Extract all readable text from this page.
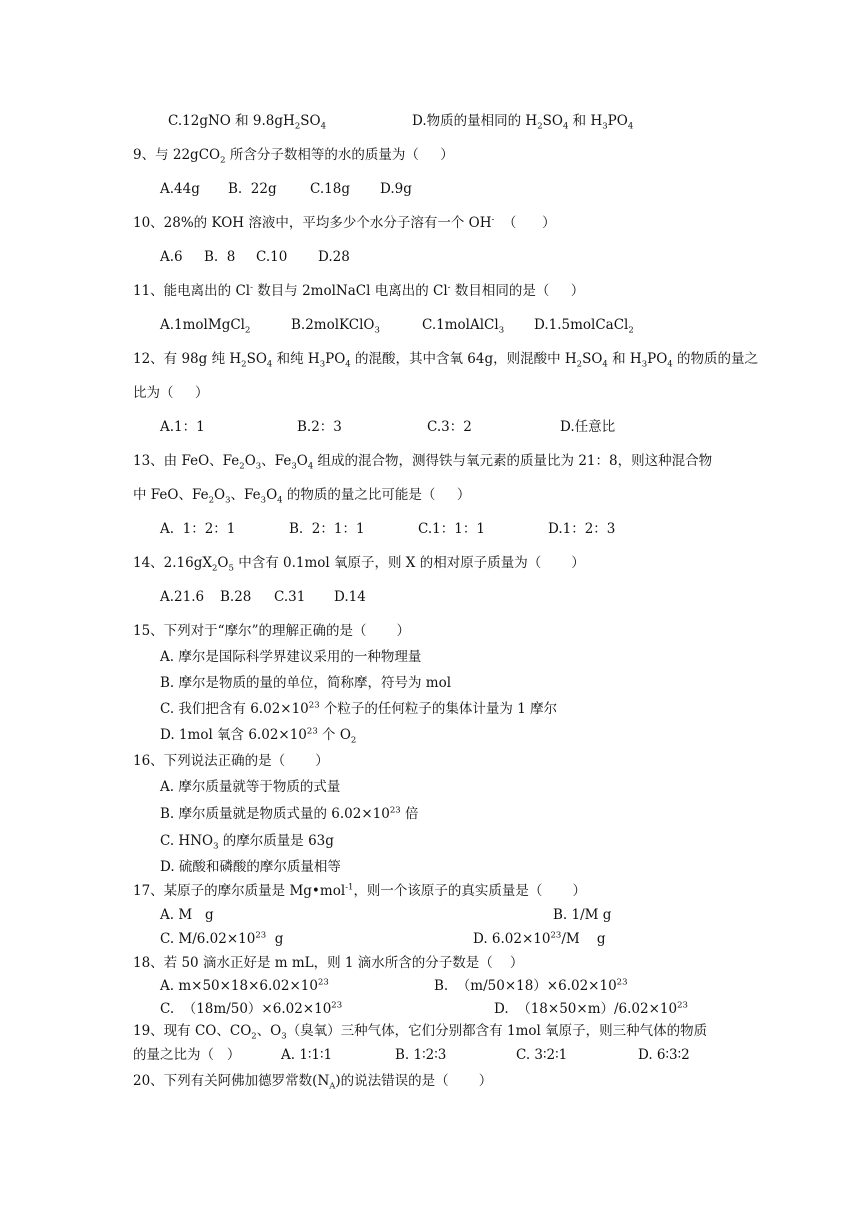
C.12gNO 和 $9.8gH_2SO_4$	D.物质的量相同的 $H_2SO_4$ 和 $H_3PO_4$
9、与 22gCO$_2$ 所含分子数相等的水的质量为（     ）
A.44g B.  22g C.18g D.9g
10、28%的 KOH 溶液中，平均多少个水分子溶有一个 OH-  （      ）
A.6 B.  8 C.10 D.28
11、能电离出的 Cl- 数目与 2molNaCl 电离出的 Cl- 数目相同的是（     ）
A.1molMgCl$_2$	B.2molKClO$_3$	C.1molAlCl$_3$ D.1.5molCaCl$_2$
12、有 98g 纯 $H_2SO_4$ 和纯 $H_3PO_4$ 的混酸，其中含氧 64g，则混酸中 $H_2SO_4$ 和 $H_3PO_4$ 的物质的量之
比为（     ）
A.1：1	B.2：3	C.3：2	D.任意比
13、由 FeO、$Fe_2O_3$、$Fe_3O_4$ 组成的混合物，测得铁与氧元素的质量比为 21：8，则这种混合物
中 FeO、$Fe_2O_3$、$Fe_3O_4$ 的物质的量之比可能是（     ）
A.  1：2：1	B.  2：1：1	C.1：1：1	D.1：2：3
14、$2.16gX_2O_5$ 中含有 0.1mol 氧原子，则 X 的相对原子质量为（       ）
A.21.6 B.28 C.31 D.14
15、下列对于“摩尔”的理解正确的是（       ）
A. 摩尔是国际科学界建议采用的一种物理量
B. 摩尔是物质的量的单位，简称摩，符号为 mol
C. 我们把含有 $6.02\times 10^{23}$ 个粒子的任何粒子的集体计量为 1 摩尔
D. 1mol 氧含 $6.02\times 10^{23}$ 个 $O_2$
16、下列说法正确的是（       ）
A. 摩尔质量就等于物质的式量
B. 摩尔质量就是物质式量的 $6.02\times 10^{23}$ 倍
C. $HNO_3$ 的摩尔质量是 63g
D. 硫酸和磷酸的摩尔质量相等
17、某原子的摩尔质量是 Mg•mol$^{-1}$，则一个该原子的真实质量是（       ）
A. M   g	B. 1/M g
C. $M/6.02\times 10^{23}$  g	D. $6.02\times 10^{23}/M$    g
18、若 50 滴水正好是 m mL，则 1 滴水所含的分子数是（    ）
A. $m\times 50\times 18\times 6.02\times 10^{23}$	B.  $(m/50\times 18)\times 6.02\times 10^{23}$
C.  $(18m/50)\times 6.02\times 10^{23}$	D.  $(18\times 50\times m)/6.02\times 10^{23}$
19、现有 CO、$CO_2$、$O_3$（臭氧）三种气体，它们分别都含有 1mol 氧原子，则三种气体的物质
的量之比为（   ）	A. 1∶1∶1	B. 1∶2∶3	C. 3∶2∶1	D. 6∶3∶2
20、下列有关阿佛加德罗常数$(N_A)$的说法错误的是（       ）
